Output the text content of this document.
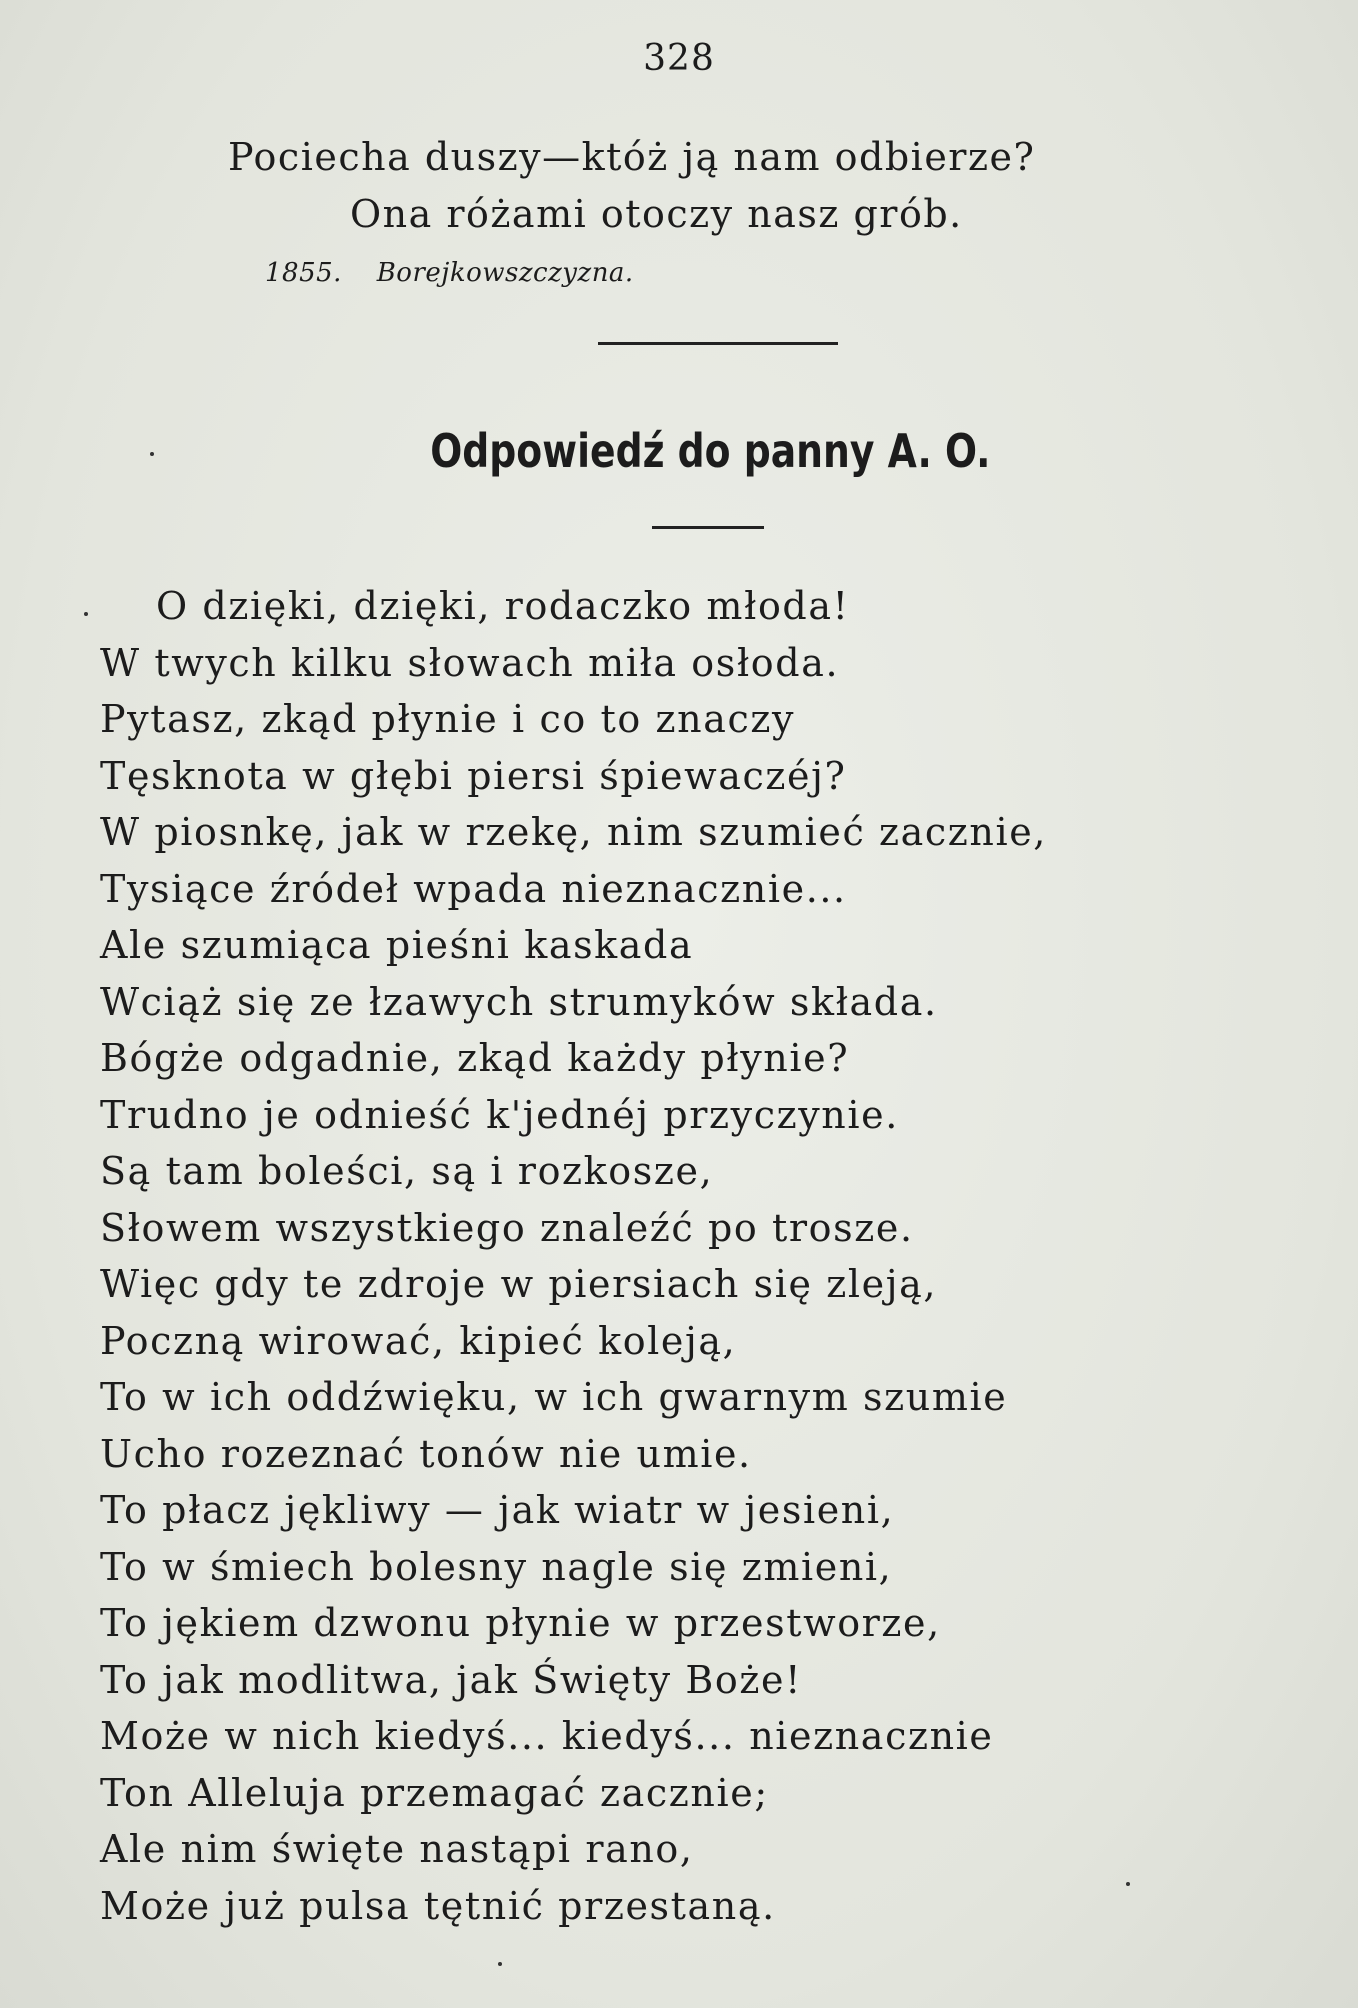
328
Pociecha duszy—któż ją nam odbierze?
Ona różami otoczy nasz grób.
1855. Borejkowszczyzna.
Odpowiedź do panny A. O.
O dzięki, dzięki, rodaczko młoda!
W twych kilku słowach miła osłoda.
Pytasz, zkąd płynie i co to znaczy
Tęsknota w głębi piersi śpiewaczéj?
W piosnkę, jak w rzekę, nim szumieć zacznie,
Tysiące źródeł wpada nieznacznie...
Ale szumiąca pieśni kaskada
Wciąż się ze łzawych strumyków składa.
Bógże odgadnie, zkąd każdy płynie?
Trudno je odnieść k'jednéj przyczynie.
Są tam boleści, są i rozkosze,
Słowem wszystkiego znaleźć po trosze.
Więc gdy te zdroje w piersiach się zleją,
Poczną wirować, kipieć koleją,
To w ich oddźwięku, w ich gwarnym szumie
Ucho rozeznać tonów nie umie.
To płacz jękliwy — jak wiatr w jesieni,
To w śmiech bolesny nagle się zmieni,
To jękiem dzwonu płynie w przestworze,
To jak modlitwa, jak Święty Boże!
Może w nich kiedyś... kiedyś... nieznacznie
Ton Alleluja przemagać zacznie;
Ale nim święte nastąpi rano,
Może już pulsa tętnić przestaną.
